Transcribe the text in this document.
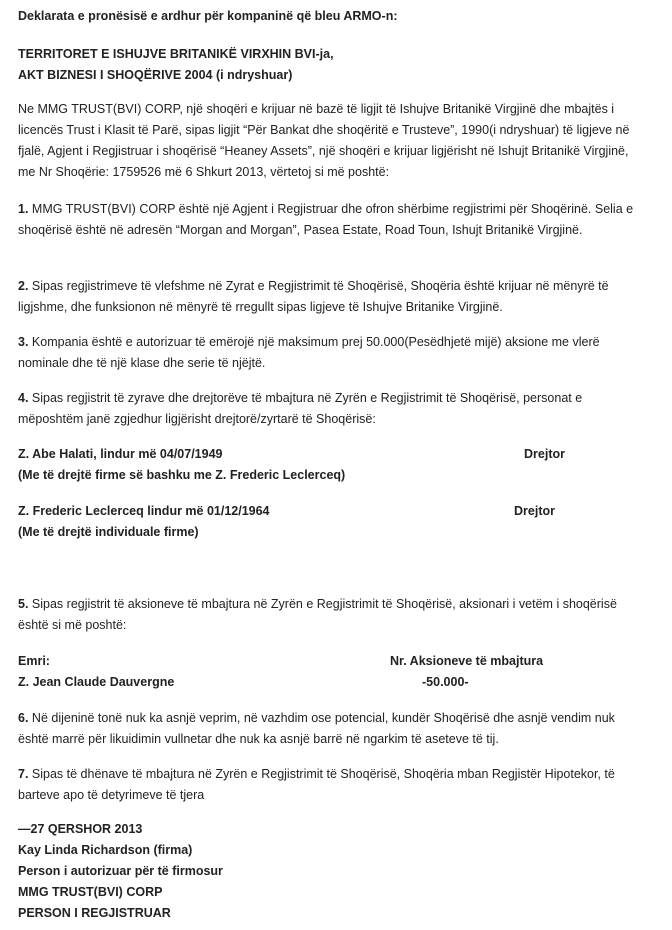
Deklarata e pronësisë e ardhur për kompaninë që bleu ARMO-n:

TERRITORET E ISHUJVE BRITANIKË VIRXHIN BVI-ja,

AKT BIZNESI I SHOQËRIVE 2004 (i ndryshuar)

Ne MMG TRUST(BVI) CORP, një shoqëri e krijuar në bazë të ligjit të Ishujve Britanikë Virgjinë dhe mbajtës i licencës Trust i Klasit të Parë, sipas ligjit “Për Bankat dhe shoqëritë e Trusteve”, 1990(i ndryshuar) të ligjeve në fjalë, Agjent i Regjistruar i shoqërisë “Heaney Assets”, një shoqëri e krijuar ligjërisht në Ishujt Britanikë Virgjinë, me Nr Shoqërie: 1759526 më 6 Shkurt 2013, vërtetoj si më poshtë:

1. MMG TRUST(BVI) CORP është një Agjent i Regjistruar dhe ofron shërbime regjistrimi për Shoqërinë. Selia e shoqërisë është në adresën “Morgan and Morgan”, Pasea Estate, Road Toun, Ishujt Britanikë Virgjinë.

2. Sipas regjistrimeve të vlefshme në Zyrat e Regjistrimit të Shoqërisë, Shoqëria është krijuar në mënyrë të ligjshme, dhe funksionon në mënyrë të rregullt sipas ligjeve të Ishujve Britanike Virgjinë.

3. Kompania është e autorizuar të emërojë një maksimum prej 50.000(Pesëdhjetë mijë) aksione me vlerë nominale dhe të një klase dhe serie të njëjtë.

4. Sipas regjistrit të zyrave dhe drejtorëve të mbajtura në Zyrën e Regjistrimit të Shoqërisë, personat e mëposhtëm janë zgjedhur ligjërisht drejtorë/zyrtarë të Shoqërisë:

Z. Abe Halati, lindur më 04/07/1949	Drejtor
(Me të drejtë firme së bashku me Z. Frederic Leclerceq)
Z. Frederic Leclerceq lindur më 01/12/1964	Drejtor
(Me të drejtë individuale firme)

5. Sipas regjistrit të aksioneve të mbajtura në Zyrën e Regjistrimit të Shoqërisë, aksionari i vetëm i shoqërisë është si më poshtë:

Emri:	Nr. Aksioneve të mbajtura
Z. Jean Claude Dauvergne	-50.000-

6. Në dijeninë tonë nuk ka asnjë veprim, në vazhdim ose potencial, kundër Shoqërisë dhe asnjë vendim nuk është marrë për likuidimin vullnetar dhe nuk ka asnjë barrë në ngarkim të aseteve të tij.

7. Sipas të dhënave të mbajtura në Zyrën e Regjistrimit të Shoqërisë, Shoqëria mban Regjistër Hipotekor, të barteve apo të detyrimeve të tjera

—27 QERSHOR 2013

Kay Linda Richardson (firma)

Person i autorizuar për të firmosur

MMG TRUST(BVI) CORP

PERSON I REGJISTRUAR
